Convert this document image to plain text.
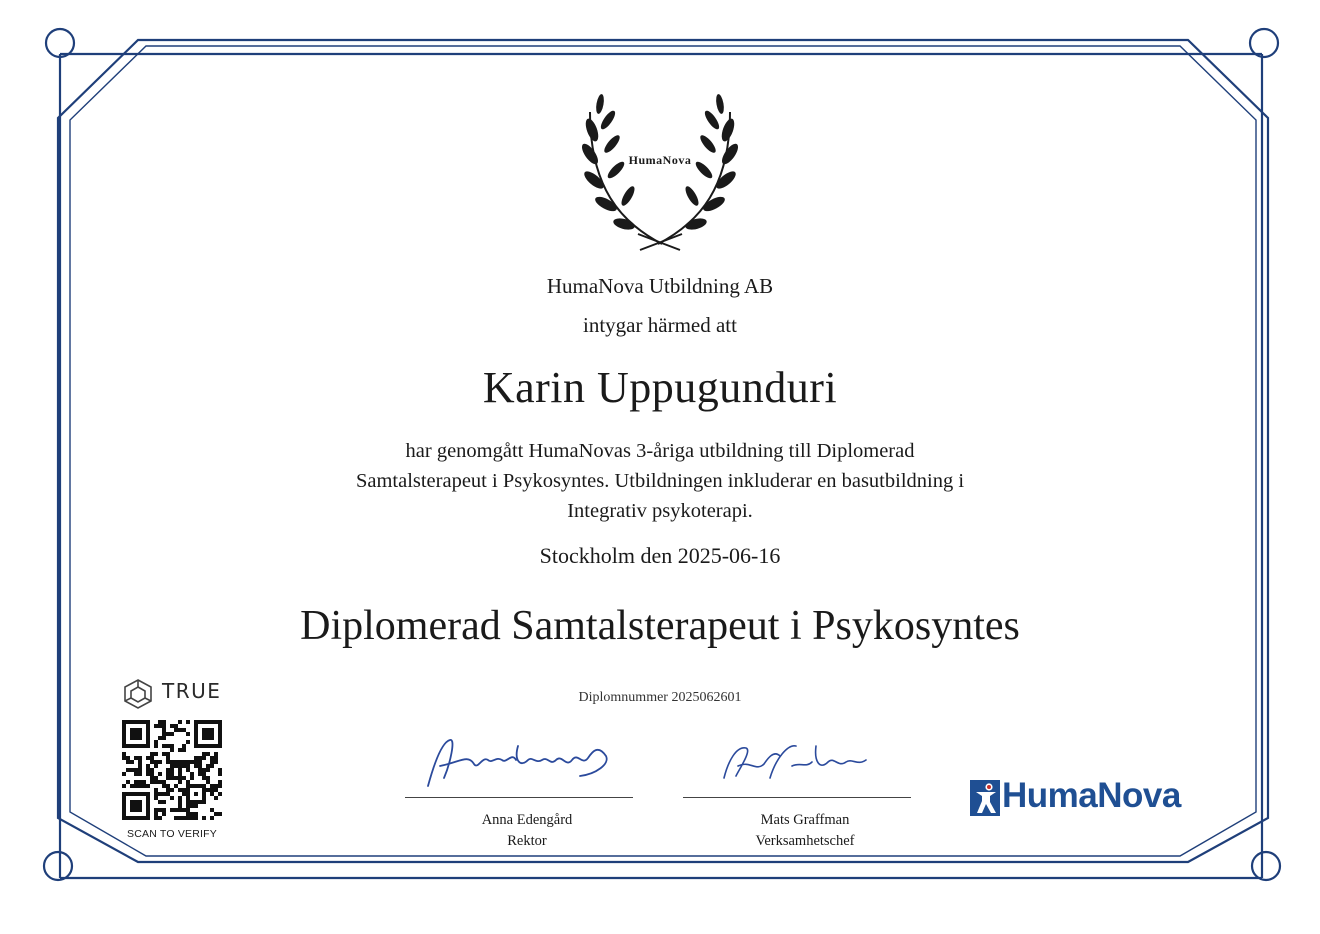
HumaNova
HumaNova Utbildning AB
intygar härmed att
Karin Uppugunduri
har genomgått HumaNovas 3-åriga utbildning till Diplomerad
Samtalsterapeut i Psykosyntes. Utbildningen inkluderar en basutbildning i
Integrativ psykoterapi.
Stockholm den 2025-06-16
Diplomerad Samtalsterapeut i Psykosyntes
Diplomnummer 2025062601
Anna Edengård
Rektor
Mats Graffman
Verksamhetschef
TRUE
SCAN TO VERIFY
HumaNova
